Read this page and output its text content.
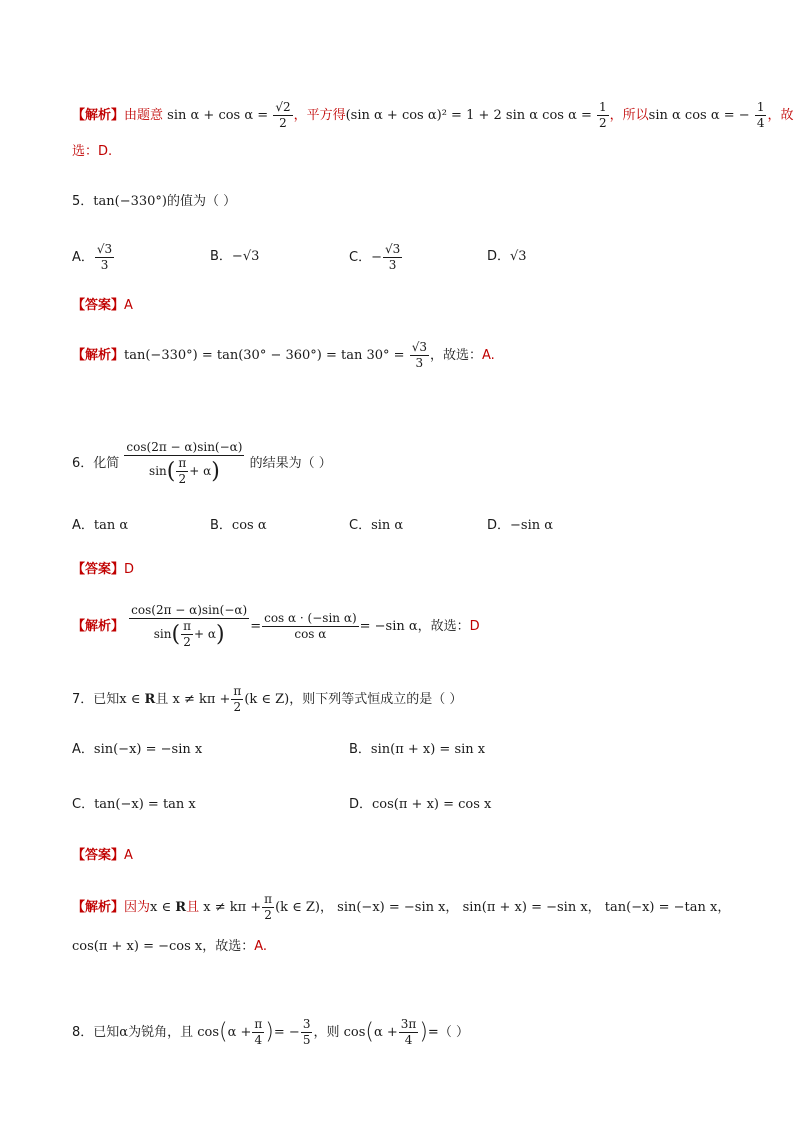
【解析】由题意 $\sin \alpha + \cos \alpha = \frac{√2}{2}$ ，平方得(sin α + cos α)² = 1 + 2 sin α $\cos \alpha = \frac{1}{2}$ ，所以sin α cos α = − $\frac{1}{4}$ ，故
选：D.
5．tan(−330°)的值为（ ）
A． $\frac{√3}{3}$	B．−√3	C．− $\frac{√3}{3}$	D．√3
【答案】A
【解析】$\tan(-330^\circ) = \tan(30^\circ - 360^\circ) = \tan 30^\circ = \frac{√3}{3}$ ，故选：A.
6．化简 $\frac{\cos(2\pi - \alpha)\sin(-\alpha)}{\sin( \frac{\pi}{2} + \alpha)}$ 的结果为（ ）
A．tan α	B．cos α	C．sin α	D．−sin α
【答案】D
【解析】 $\frac{\cos(2\pi - \alpha)\sin(-\alpha)}{\sin( \frac{\pi}{2} + \alpha)} = \frac{\text{cos α · (−sin α)}}{\text{cos α}} = -\sin$ α，故选：D
7．已知x ∈ R且 $x \ne k\pi + \frac{\pi}{2} (k$ ∈ Z)，则下列等式恒成立的是（ ）
A．sin(−x) = −sin x	B．sin(π + x) = sin x
C．tan(−x) = tan x	D．cos(π + x) = cos x
【答案】A
【解析】因为x ∈ R且 $x \ne k\pi + \frac{\pi}{2} (k$ ∈ Z)， sin(−x) = −sin x， sin(π + x) = −sin x， tan(−x) = −tan x，
cos(π + x) = −cos x，故选：A.
8．已知α为锐角，且 $\cos(\alpha + \frac{\pi}{4}$ )= − $\frac{3}{5}$ ，则 $\cos(\alpha + \frac{3\pi}{4}$ )=（ ）
